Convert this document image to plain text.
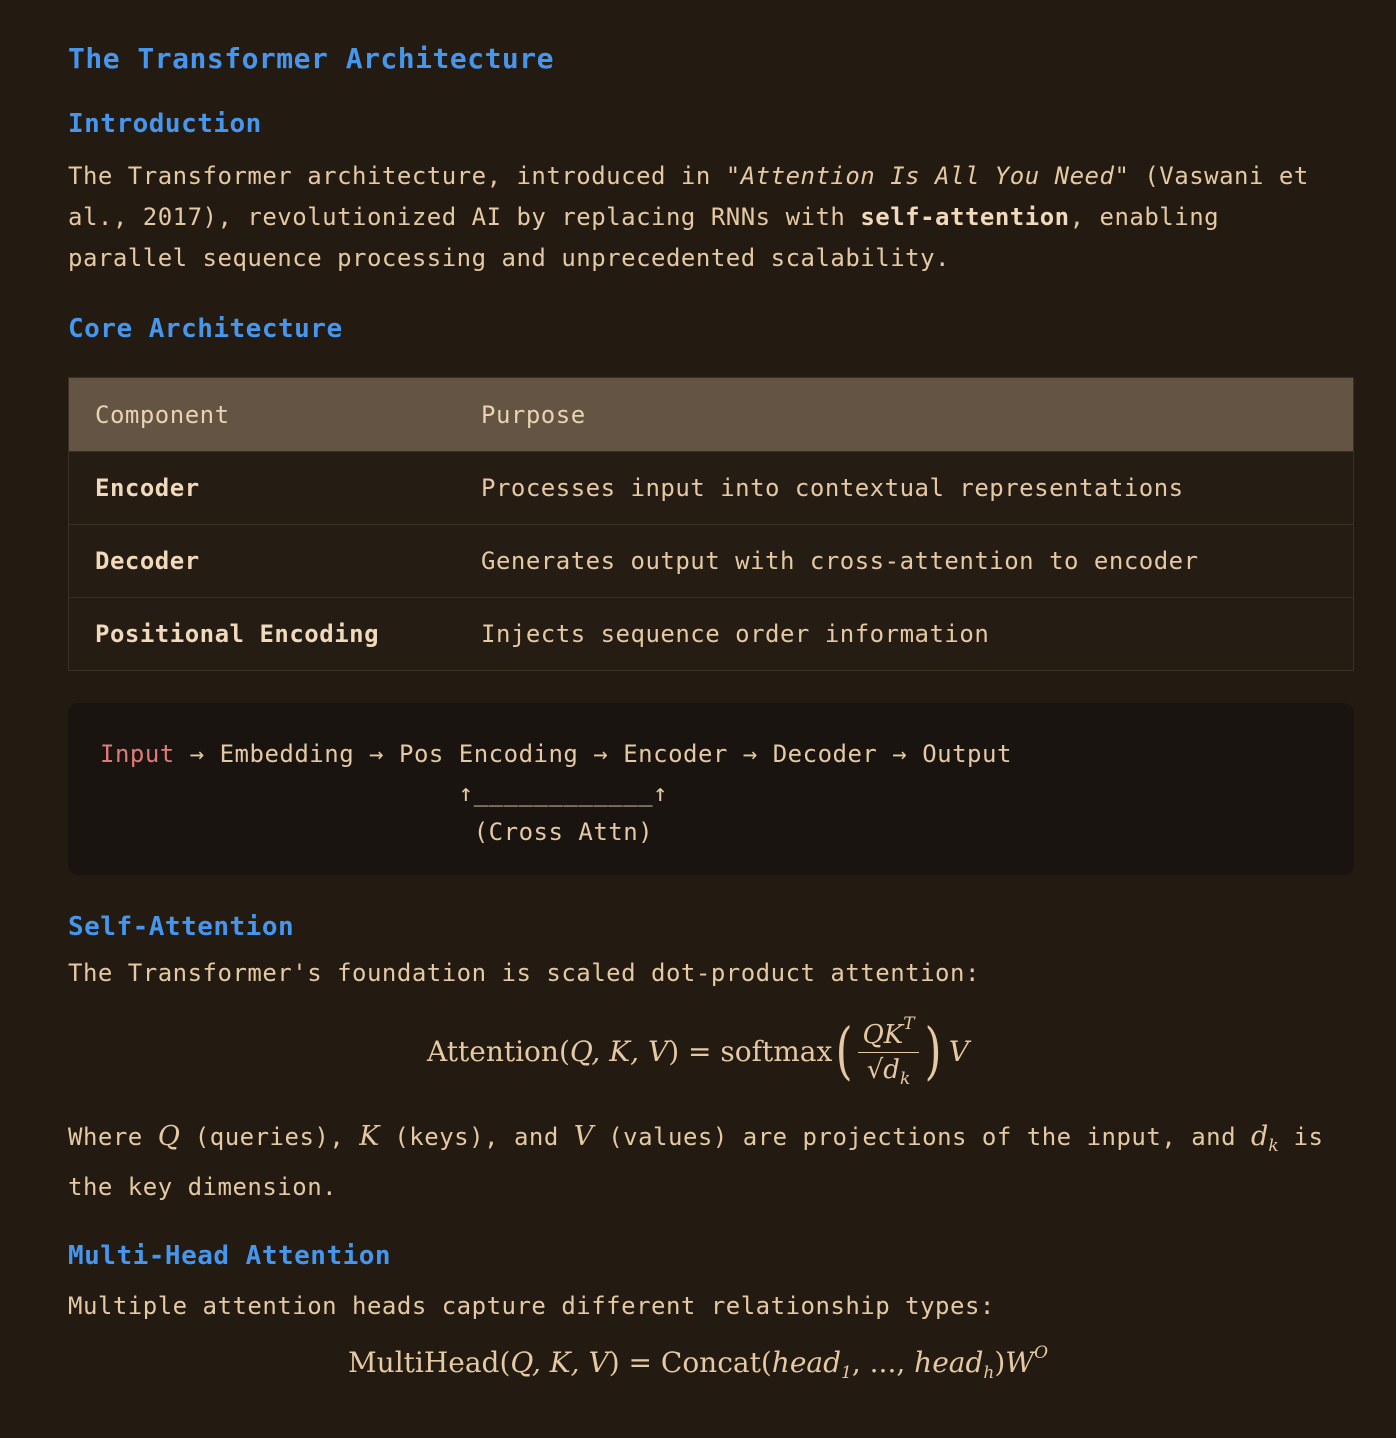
The Transformer Architecture
Introduction

The Transformer architecture, introduced in "Attention Is All You Need" (Vaswani et al., 2017), revolutionized AI by replacing RNNs with self-attention, enabling parallel sequence processing and unprecedented scalability.

Core Architecture
Component	Purpose
Encoder	Processes input into contextual representations
Decoder	Generates output with cross-attention to encoder
Positional Encoding	Injects sequence order information
Input → Embedding → Pos Encoding → Encoder → Decoder → Output
↑____________↑
(Cross Attn)
Self-Attention

The Transformer's foundation is scaled dot-product attention:

Attention( Q, K, V ) = softmax ( $\frac{QK^T}{√d_k}$ ) V

Where Q (queries), K (keys), and V (values) are projections of the input, and $d_k$ is the key dimension.

Multi-Head Attention

Multiple attention heads capture different relationship types:

MultiHead(Q, K, V) = Concat(head$_1$, ..., $head_h)W^O$
